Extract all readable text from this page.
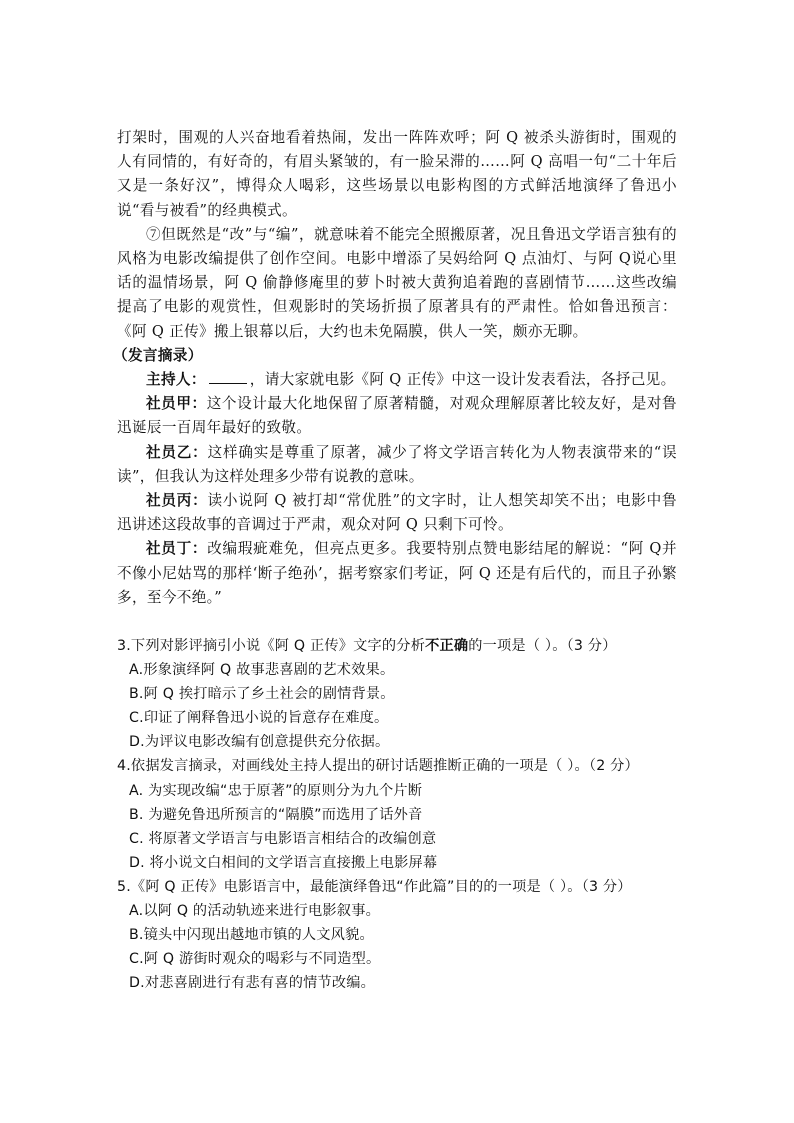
打架时，围观的人兴奋地看着热闹，发出一阵阵欢呼；阿 Q 被杀头游街时，围观的人有同情的，有好奇的，有眉头紧皱的，有一脸呆滞的……阿 Q 高唱一句“二十年后又是一条好汉”，博得众人喝彩，这些场景以电影构图的方式鲜活地演绎了鲁迅小说“看与被看”的经典模式。

⑦但既然是“改”与“编”，就意味着不能完全照搬原著，况且鲁迅文学语言独有的风格为电影改编提供了创作空间。电影中增添了吴妈给阿 Q 点油灯、与阿 Q说心里话的温情场景，阿 Q 偷静修庵里的萝卜时被大黄狗追着跑的喜剧情节……这些改编提高了电影的观赏性，但观影时的笑场折损了原著具有的严肃性。恰如鲁迅预言：《阿 Q 正传》搬上银幕以后，大约也未免隔膜，供人一笑，颇亦无聊。

（发言摘录）

主持人：	，请大家就电影《阿 Q 正传》中这一设计发表看法，各抒己见。

社员甲：这个设计最大化地保留了原著精髓，对观众理解原著比较友好，是对鲁迅诞辰一百周年最好的致敬。

社员乙：这样确实是尊重了原著，减少了将文学语言转化为人物表演带来的“误读”，但我认为这样处理多少带有说教的意味。

社员丙：读小说阿 Q 被打却“常优胜”的文字时，让人想笑却笑不出；电影中鲁迅讲述这段故事的音调过于严肃，观众对阿 Q 只剩下可怜。

社员丁：改编瑕疵难免，但亮点更多。我要特别点赞电影结尾的解说：“阿 Q并不像小尼姑骂的那样‘断子绝孙’，据考察家们考证，阿 Q 还是有后代的，而且子孙繁多，至今不绝。”

3.下列对影评摘引小说《阿 Q 正传》文字的分析不正确的一项是（ ）。（3 分）

A.形象演绎阿 Q 故事悲喜剧的艺术效果。

B.阿 Q 挨打暗示了乡土社会的剧情背景。

C.印证了阐释鲁迅小说的旨意存在难度。

D.为评议电影改编有创意提供充分依据。

4.依据发言摘录，对画线处主持人提出的研讨话题推断正确的一项是（ ）。（2 分）

A. 为实现改编“忠于原著”的原则分为九个片断

B. 为避免鲁迅所预言的“隔膜”而选用了话外音

C. 将原著文学语言与电影语言相结合的改编创意

D. 将小说文白相间的文学语言直接搬上电影屏幕

5.《阿 Q 正传》电影语言中，最能演绎鲁迅“作此篇”目的的一项是（ ）。（3 分）

A.以阿 Q 的活动轨迹来进行电影叙事。

B.镜头中闪现出越地市镇的人文风貌。

C.阿 Q 游街时观众的喝彩与不同造型。

D.对悲喜剧进行有悲有喜的情节改编。
